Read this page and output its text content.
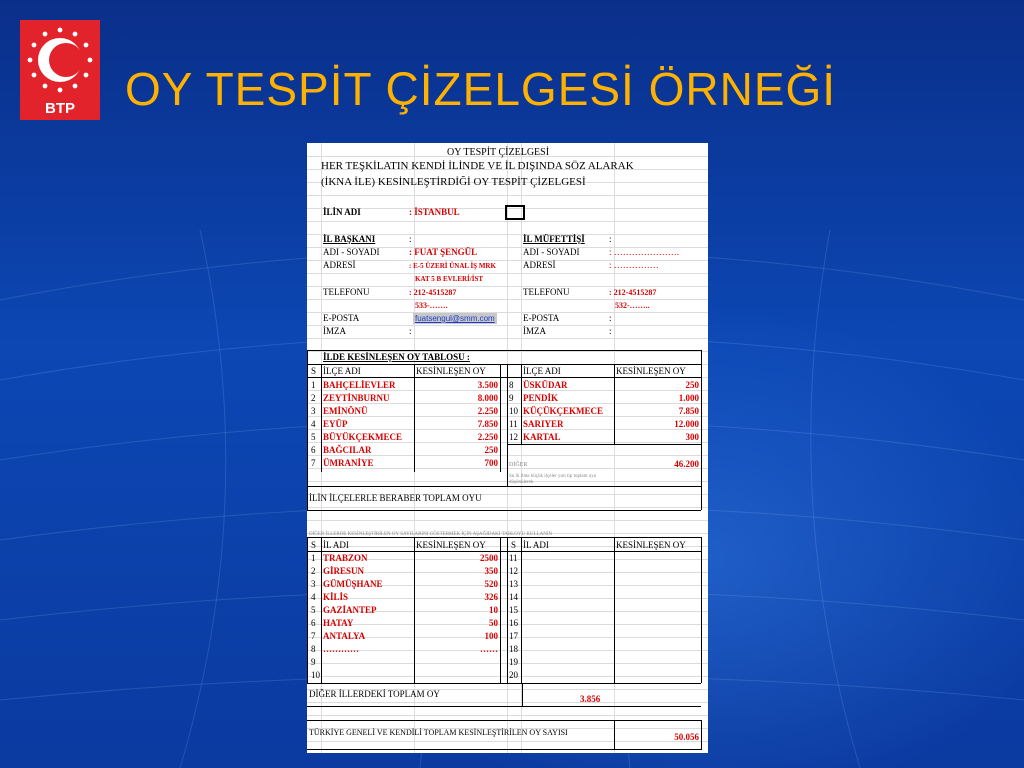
BTP OY TESPİT ÇİZELGESİ ÖRNEĞİ
OY TESPİT ÇİZELGESİ
HER TEŞKİLATIN KENDİ İLİNDE VE İL DIŞINDA SÖZ ALARAK
(İKNA İLE) KESİNLEŞTİRDİĞİ OY TESPİT ÇİZELGESİ
İLİN ADI	: İSTANBUL
İL BAŞKANI	:
ADI - SOYADI	: FUAT ŞENGÜL
ADRESİ	: E-5 ÜZERİ ÜNAL İŞ MRK
KAT 5 B EVLERİ/İST
TELEFONU	: 212-4515287
533-…….
E-POSTA	fuatsengul@smm.com
İMZA	:
İL MÜFETTİŞİ	:
ADI - SOYADI	: ………………….
ADRESİ	: ……………
TELEFONU	: 212-4515287
532-……..
E-POSTA	:
İMZA	:
İLDE KESİNLEŞEN OY TABLOSU :
S İLÇE ADI	KESİNLEŞEN OY	İLÇE ADI	KESİNLEŞEN OY
1 BAHÇELİEVLER	3.500
2 ZEYTİNBURNU	8.000
3 EMİNÖNÜ	2.250
4 EYÜP	7.850
5 BÜYÜKÇEKMECE	2.250
6 BAĞCILAR	250
7 ÜMRANİYE	700
8 ÜSKÜDAR	250
9 PENDİK	1.000
10 KÜÇÜKÇEKMECE	7.850
11 SARIYER	12.000
12 KARTAL	300
DİĞER	46.200
Sn lü ilme küçük ilçeler yarı tip toplam oyu düşünülerek
İLİN İLÇELERLE BERABER TOPLAM OYU
DİĞER İLLERDE KESİNLEŞTİRİLEN OY SAYILARINI GÖSTERMEK İÇİN AŞAĞIDAKİ TABLOYU KULLANIN
S İL ADI	KESİNLEŞEN OY	S İL ADI	KESİNLEŞEN OY
1 TRABZON	2500
2 GİRESUN	350
3 GÜMÜŞHANE	520
4 KİLİS	326
5 GAZİANTEP	10
6 HATAY	50
7 ANTALYA	100
8 …………	……
9
10
11
12
13
14
15
16
17
18
19
20
DİĞER İLLERDEKİ TOPLAM OY	3.856
TÜRKİYE GENELİ VE KENDİLİ TOPLAM KESİNLEŞTİRİLEN OY SAYISI	50.056
